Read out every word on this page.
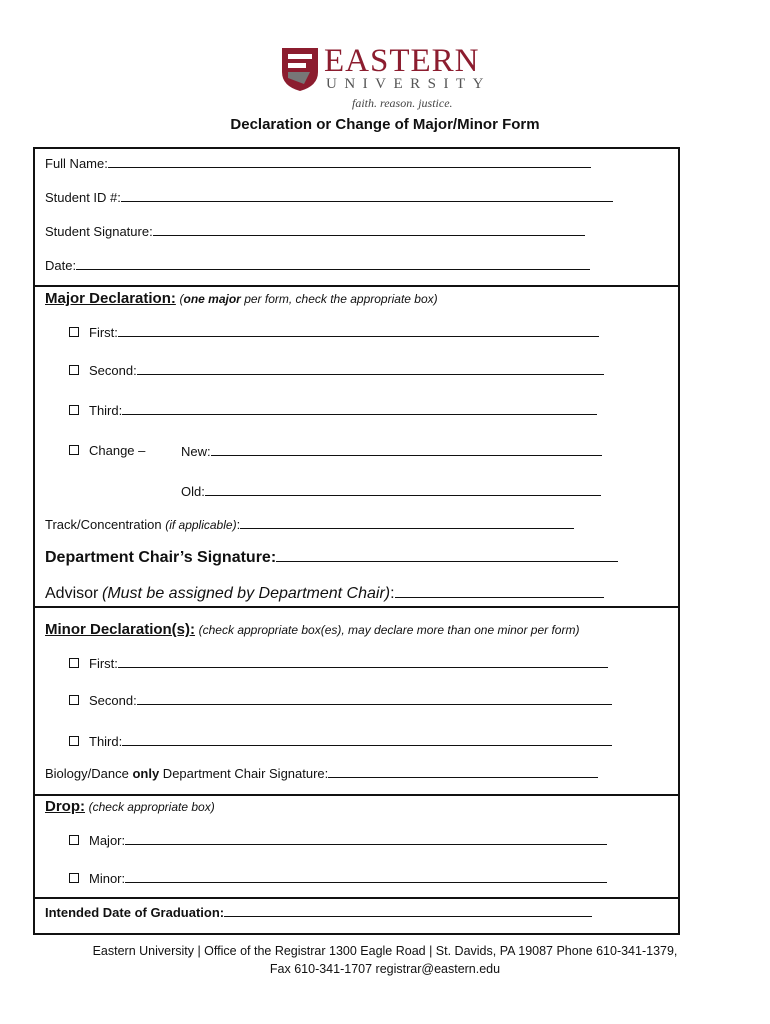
EASTERN
UNIVERSITY
faith. reason. justice.
Declaration or Change of Major/Minor Form
Full Name:
Student ID #:
Student Signature:
Date:
Major Declaration: (one major per form, check the appropriate box)
First:
Second:
Third:
Change –	New:
Old:
Track/Concentration (if applicable):
Department Chair’s Signature:
Advisor (Must be assigned by Department Chair):
Minor Declaration(s): (check appropriate box(es), may declare more than one minor per form)
First:
Second:
Third:
Biology/Dance only Department Chair Signature:
Drop: (check appropriate box)
Major:
Minor:
Intended Date of Graduation:
Eastern University | Office of the Registrar 1300 Eagle Road | St. Davids, PA 19087 Phone 610-341-1379,
Fax 610-341-1707 registrar@eastern.edu
